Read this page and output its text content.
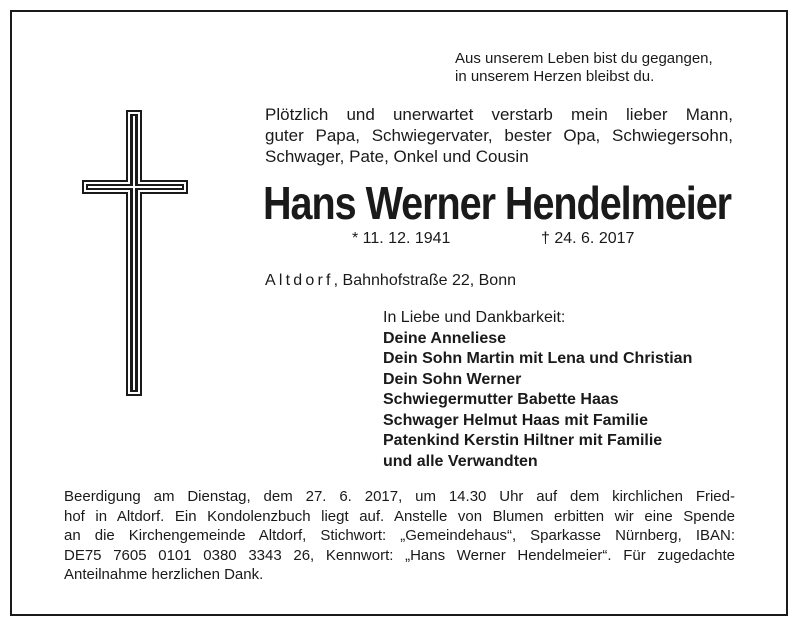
Aus unserem Leben bist du gegangen,
in unserem Herzen bleibst du.
Plötzlich und unerwartet verstarb mein lieber Mann,
guter Papa, Schwiegervater, bester Opa, Schwiegersohn,
Schwager, Pate, Onkel und Cousin
Hans Werner Hendelmeier
* 11. 12. 1941	† 24. 6. 2017
Altdorf, Bahnhofstraße 22, Bonn
In Liebe und Dankbarkeit:
Deine Anneliese
Dein Sohn Martin mit Lena und Christian
Dein Sohn Werner
Schwiegermutter Babette Haas
Schwager Helmut Haas mit Familie
Patenkind Kerstin Hiltner mit Familie
und alle Verwandten
Beerdigung am Dienstag, dem 27. 6. 2017, um 14.30 Uhr auf dem kirchlichen Fried-
hof in Altdorf. Ein Kondolenzbuch liegt auf. Anstelle von Blumen erbitten wir eine Spende
an die Kirchengemeinde Altdorf, Stichwort: „Gemeindehaus“, Sparkasse Nürnberg, IBAN:
DE75 7605 0101 0380 3343 26, Kennwort: „Hans Werner Hendelmeier“. Für zugedachte
Anteilnahme herzlichen Dank.
